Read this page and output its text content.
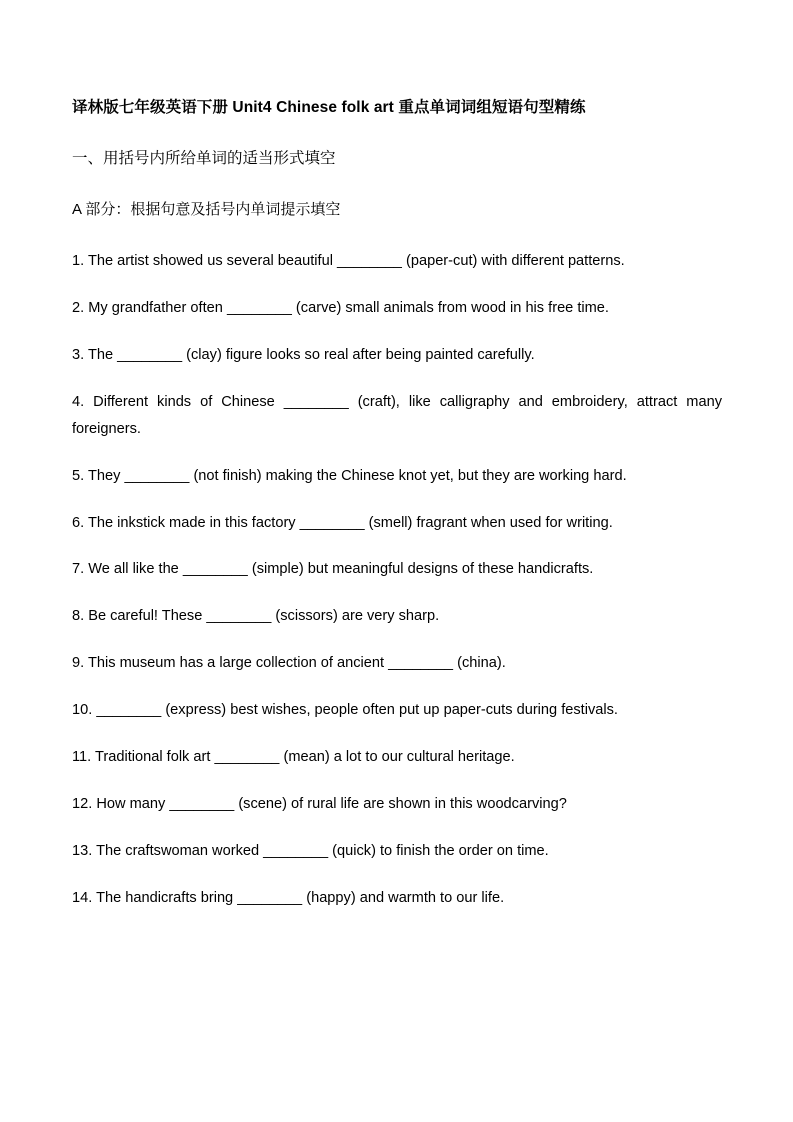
译林版七年级英语下册 Unit4 Chinese folk art 重点单词词组短语句型精练

一、用括号内所给单词的适当形式填空

A 部分：根据句意及括号内单词提示填空

1. The artist showed us several beautiful ________ (paper-cut) with different patterns.

2. My grandfather often ________ (carve) small animals from wood in his free time.

3. The ________ (clay) figure looks so real after being painted carefully.

4. Different kinds of Chinese ________ (craft), like calligraphy and embroidery, attract many foreigners.

5. They ________ (not finish) making the Chinese knot yet, but they are working hard.

6. The inkstick made in this factory ________ (smell) fragrant when used for writing.

7. We all like the ________ (simple) but meaningful designs of these handicrafts.

8. Be careful! These ________ (scissors) are very sharp.

9. This museum has a large collection of ancient ________ (china).

10. ________ (express) best wishes, people often put up paper-cuts during festivals.

11. Traditional folk art ________ (mean) a lot to our cultural heritage.

12. How many ________ (scene) of rural life are shown in this woodcarving?

13. The craftswoman worked ________ (quick) to finish the order on time.

14. The handicrafts bring ________ (happy) and warmth to our life.
